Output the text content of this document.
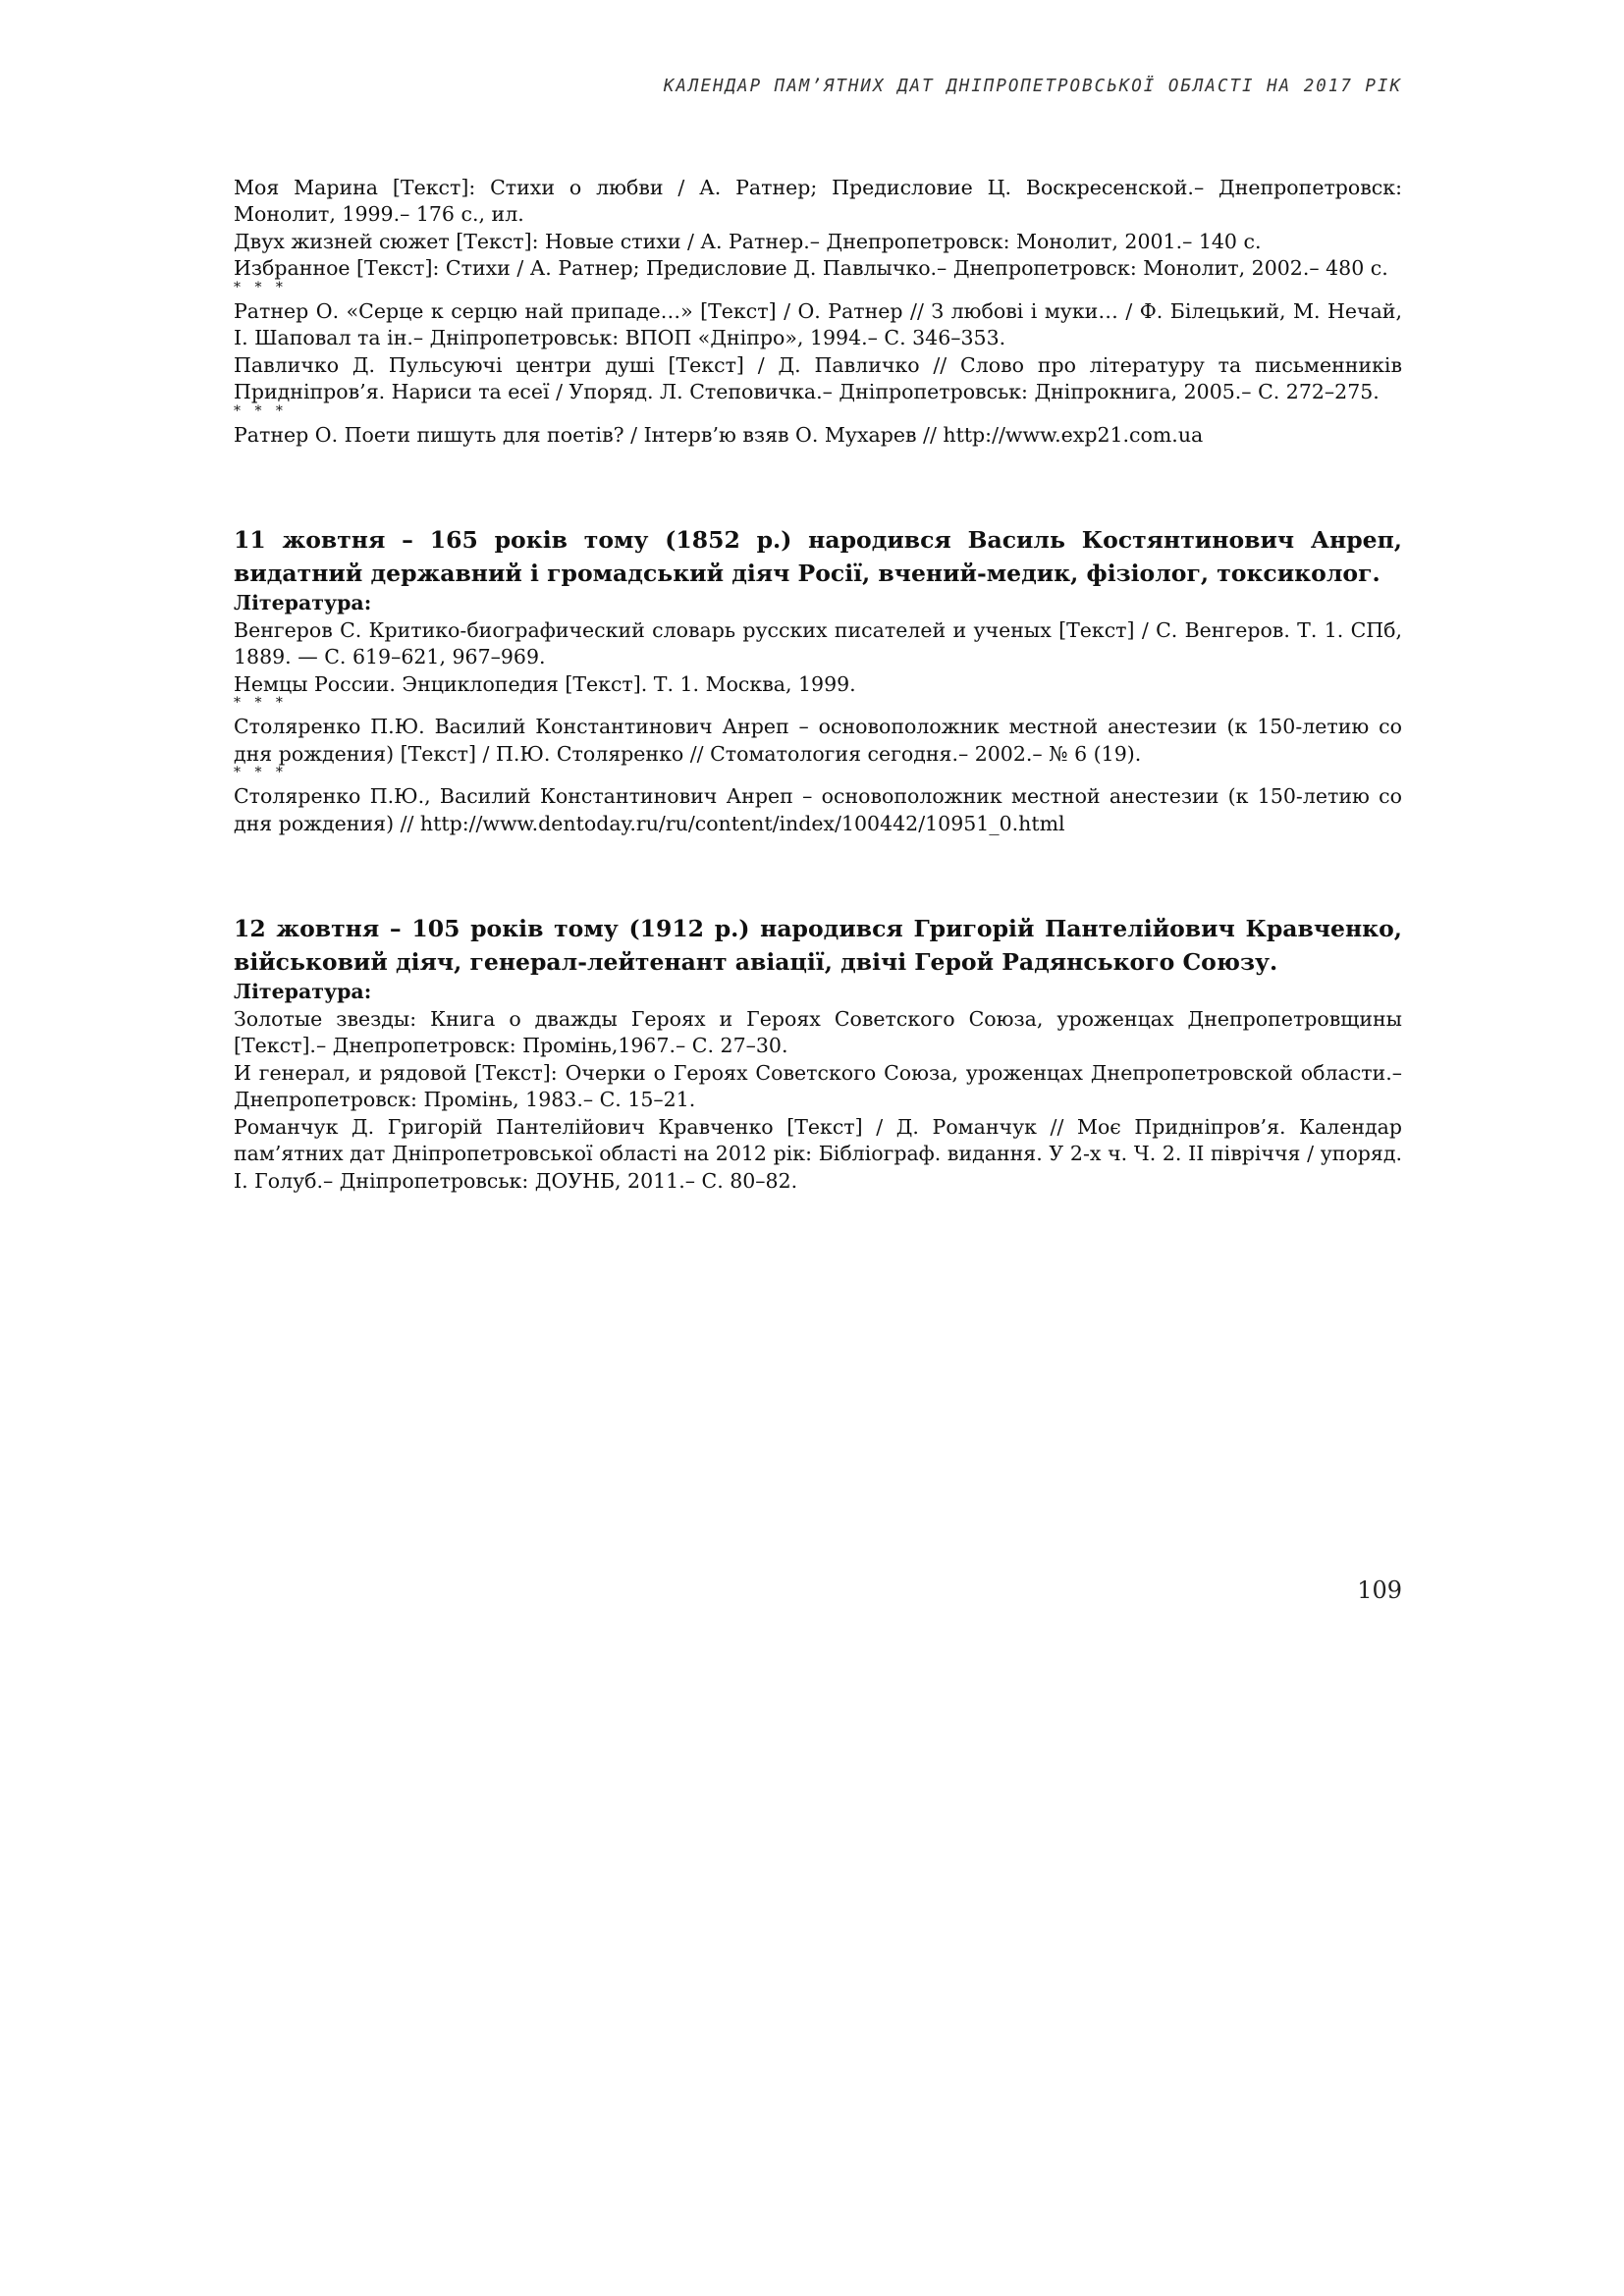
КАЛЕНДАР ПАМ’ЯТНИХ ДАТ ДНІПРОПЕТРОВСЬКОЇ ОБЛАСТІ НА 2017 РІК

Моя Марина [Текст]: Стихи о любви / А. Ратнер; Предисловие Ц. Воскресенской.– Днепропетровск: Монолит, 1999.– 176 с., ил.

Двух жизней сюжет [Текст]: Новые стихи / А. Ратнер.– Днепропетровск: Монолит, 2001.– 140 с.

Избранное [Текст]: Стихи / А. Ратнер; Предисловие Д. Павлычко.– Днепропетровск: Монолит, 2002.– 480 с.

* * *

Ратнер О. «Серце к серцю най припаде…» [Текст] / О. Ратнер // З любові і муки… / Ф. Білецький, М. Нечай, І. Шаповал та ін.– Дніпропетровськ: ВПОП «Дніпро», 1994.– С. 346–353.

Павличко Д. Пульсуючі центри душі [Текст] / Д. Павличко // Слово про літературу та письменників Придніпров’я. Нариси та есеї / Упоряд. Л. Степовичка.– Дніпропетровськ: Дніпрокнига, 2005.– С. 272–275.

* * *

Ратнер О. Поети пишуть для поетів? / Інтерв’ю взяв О. Мухарев // http://www.exp21.com.ua

11 жовтня – 165 років тому (1852 р.) народився Василь Костянтинович Анреп, видатний державний і громадський діяч Росії, вчений-медик, фізіолог, токсиколог.

Література:

Венгеров С. Критико-биографический словарь русских писателей и ученых [Текст] / С. Венгеров. Т. 1. СПб, 1889. — С. 619–621, 967–969.

Немцы России. Энциклопедия [Текст]. Т. 1. Москва, 1999.

* * *

Столяренко П.Ю. Василий Константинович Анреп – основоположник местной анестезии (к 150-летию со дня рождения) [Текст] / П.Ю. Столяренко // Стоматология сегодня.– 2002.– № 6 (19).

* * *

Столяренко П.Ю., Василий Константинович Анреп – основоположник местной анестезии (к 150-летию со дня рождения) // http://www.dentoday.ru/ru/content/index/100442/10951_0.html

12 жовтня – 105 років тому (1912 р.) народився Григорій Пантелійович Кравченко, військовий діяч, генерал-лейтенант авіації, двічі Герой Радянського Союзу.

Література:

Золотые звезды: Книга о дважды Героях и Героях Советского Союза, уроженцах Днепропетровщины [Текст].– Днепропетровск: Промінь,1967.– С. 27–30.

И генерал, и рядовой [Текст]: Очерки о Героях Советского Союза, уроженцах Днепропетровской области.– Днепропетровск: Промінь, 1983.– С. 15–21.

Романчук Д. Григорій Пантелійович Кравченко [Текст] / Д. Романчук // Моє Придніпров’я. Календар пам’ятних дат Дніпропетровської області на 2012 рік: Бібліограф. видання. У 2-х ч. Ч. 2. ІІ півріччя / упоряд. І. Голуб.– Дніпропетровськ: ДОУНБ, 2011.– С. 80–82.

109
